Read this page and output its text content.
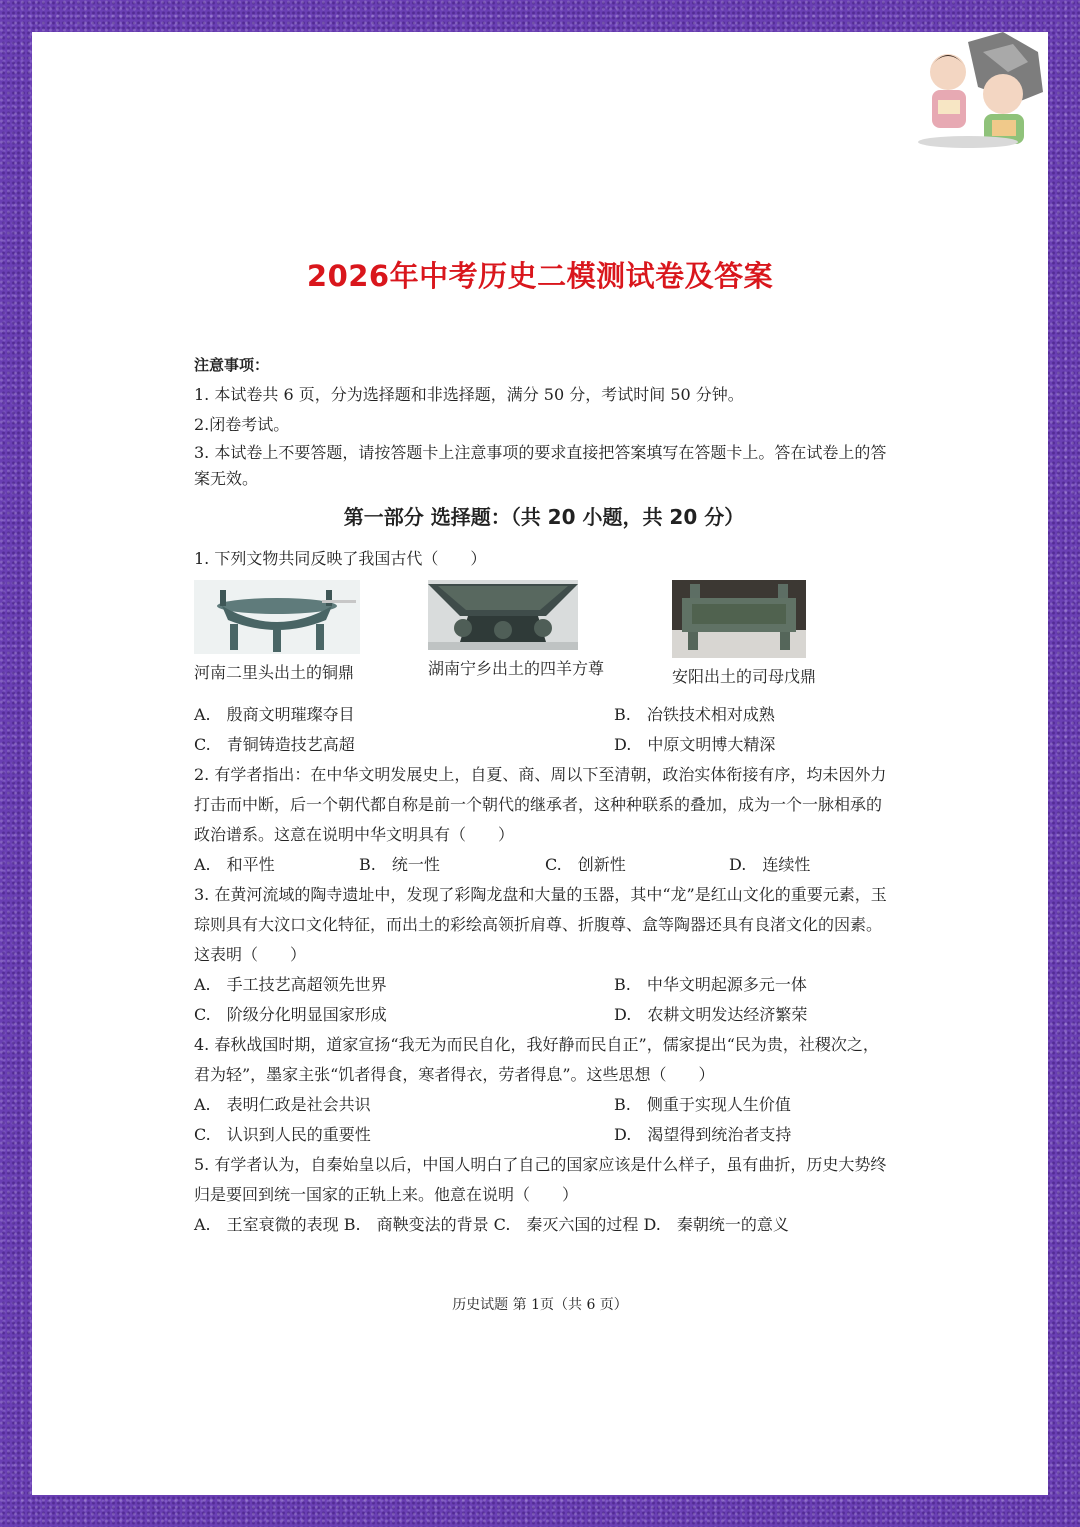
2026年中考历史二模测试卷及答案
注意事项：
1. 本试卷共 6 页，分为选择题和非选择题，满分 50 分，考试时间 50 分钟。
2.闭卷考试。
3. 本试卷上不要答题，请按答题卡上注意事项的要求直接把答案填写在答题卡上。答在试卷上的答案无效。
第一部分 选择题：（共 20 小题，共 20 分）
1. 下列文物共同反映了我国古代（　　）
河南二里头出土的铜鼎	湖南宁乡出土的四羊方尊	安阳出土的司母戊鼎
A.　殷商文明璀璨夺目	B.　冶铁技术相对成熟
C.　青铜铸造技艺高超	D.　中原文明博大精深
2. 有学者指出：在中华文明发展史上，自夏、商、周以下至清朝，政治实体衔接有序，均未因外力打击而中断，后一个朝代都自称是前一个朝代的继承者，这种种联系的叠加，成为一个一脉相承的政治谱系。这意在说明中华文明具有（　　）
A.　和平性	B.　统一性	C.　创新性	D.　连续性
3. 在黄河流域的陶寺遗址中，发现了彩陶龙盘和大量的玉器，其中“龙”是红山文化的重要元素，玉琮则具有大汶口文化特征，而出土的彩绘高领折肩尊、折腹尊、盒等陶器还具有良渚文化的因素。这表明（　　）
A.　手工技艺高超领先世界	B.　中华文明起源多元一体
C.　阶级分化明显国家形成	D.　农耕文明发达经济繁荣
4. 春秋战国时期，道家宣扬“我无为而民自化，我好静而民自正”，儒家提出“民为贵，社稷次之，君为轻”，墨家主张“饥者得食，寒者得衣，劳者得息”。这些思想（　　）
A.　表明仁政是社会共识	B.　侧重于实现人生价值
C.　认识到人民的重要性	D.　渴望得到统治者支持
5. 有学者认为，自秦始皇以后，中国人明白了自己的国家应该是什么样子，虽有曲折，历史大势终归是要回到统一国家的正轨上来。他意在说明（　　）
A.　王室衰微的表现 B.　商鞅变法的背景 C.　秦灭六国的过程 D.　秦朝统一的意义
历史试题 第 1页（共 6 页）
